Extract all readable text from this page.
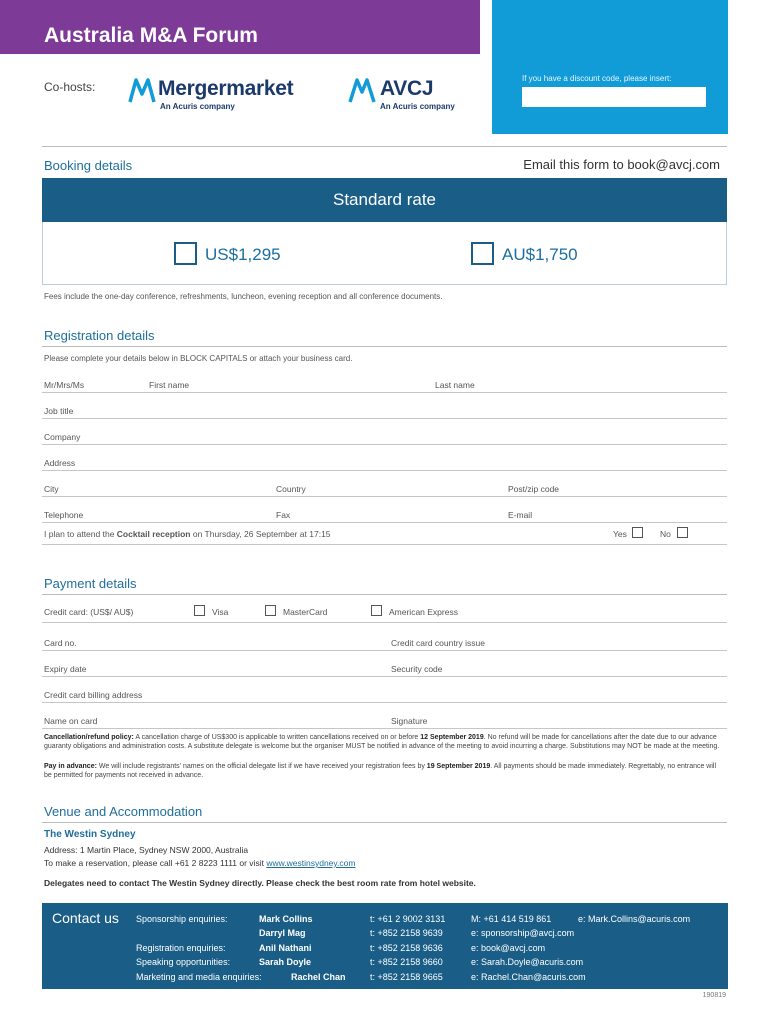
Australia M&A Forum
Co-hosts:	Mergermarket
An Acuris company
AVCJ
An Acuris company
If you have a discount code, please insert:
Booking details	Email this form to book@avcj.com
Standard rate
US$1,295	AU$1,750
Fees include the one-day conference, refreshments, luncheon, evening reception and all conference documents.
Registration details
Please complete your details below in BLOCK CAPITALS or attach your business card.
Mr/Mrs/Ms	First name	Last name
Job title
Company
Address
City	Country	Post/zip code
Telephone	Fax	E-mail
I plan to attend the Cocktail reception on Thursday, 26 September at 17:15	Yes	No
Payment details
Credit card: (US$/ AU$)	Visa	MasterCard	American Express
Card no.	Credit card country issue
Expiry date	Security code
Credit card billing address
Name on card	Signature
Cancellation/refund policy: A cancellation charge of US$300 is applicable to written cancellations received on or before 12 September 2019. No refund will be made for cancellations after the date due to our advance guaranty obligations and administration costs. A substitute delegate is welcome but the organiser MUST be notified in advance of the meeting to avoid incurring a charge. Substitutions may NOT be made at the meeting.
Pay in advance: We will include registrants' names on the official delegate list if we have received your registration fees by 19 September 2019. All payments should be made immediately. Regrettably, no entrance will be permitted for payments not received in advance.
Venue and Accommodation
The Westin Sydney
Address: 1 Martin Place, Sydney NSW 2000, Australia
To make a reservation, please call +61 2 8223 1111 or visit www.westinsydney.com
Delegates need to contact The Westin Sydney directly. Please check the best room rate from hotel website.
Contact us Sponsorship enquiries:	Mark Collins	t: +61 2 9002 3131	M: +61 414 519 861	e: Mark.Collins@acuris.com
Darryl Mag	t: +852 2158 9639	e: sponsorship@avcj.com
Registration enquiries:	Anil Nathani	t: +852 2158 9636	e: book@avcj.com
Speaking opportunities:	Sarah Doyle	t: +852 2158 9660	e: Sarah.Doyle@acuris.com
Marketing and media enquiries:	Rachel Chan	t: +852 2158 9665	e: Rachel.Chan@acuris.com
190819
